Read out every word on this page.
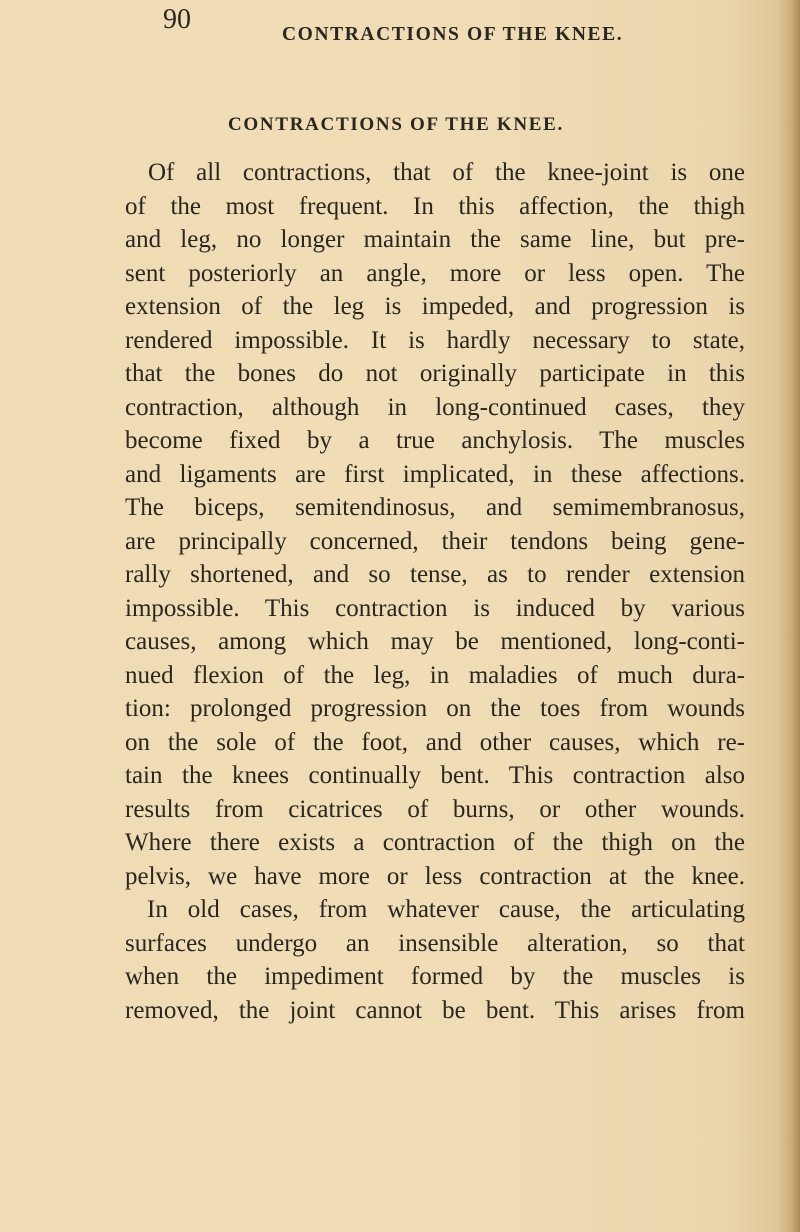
90	CONTRACTIONS OF THE KNEE.
CONTRACTIONS OF THE KNEE.
Of all contractions, that of the knee-joint is one
of the most frequent. In this affection, the thigh
and leg, no longer maintain the same line, but pre-
sent posteriorly an angle, more or less open. The
extension of the leg is impeded, and progression is
rendered impossible. It is hardly necessary to state,
that the bones do not originally participate in this
contraction, although in long-continued cases, they
become fixed by a true anchylosis. The muscles
and ligaments are first implicated, in these affections.
The biceps, semitendinosus, and semimembranosus,
are principally concerned, their tendons being gene-
rally shortened, and so tense, as to render extension
impossible. This contraction is induced by various
causes, among which may be mentioned, long-conti-
nued flexion of the leg, in maladies of much dura-
tion: prolonged progression on the toes from wounds
on the sole of the foot, and other causes, which re-
tain the knees continually bent. This contraction also
results from cicatrices of burns, or other wounds.
Where there exists a contraction of the thigh on the
pelvis, we have more or less contraction at the knee.
In old cases, from whatever cause, the articulating
surfaces undergo an insensible alteration, so that
when the impediment formed by the muscles is
removed, the joint cannot be bent. This arises from
